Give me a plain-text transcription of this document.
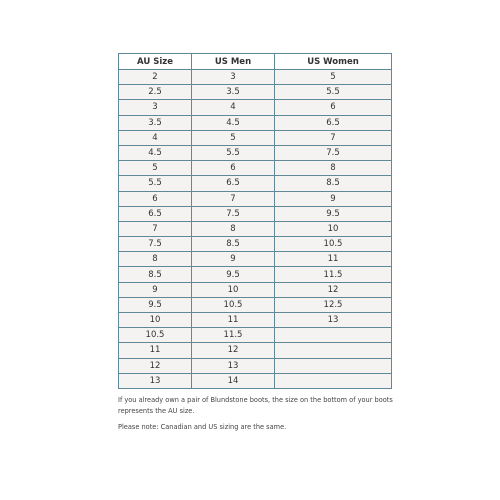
AU Size	US Men	US Women
2	3	5
2.5	3.5	5.5
3	4	6
3.5	4.5	6.5
4	5	7
4.5	5.5	7.5
5	6	8
5.5	6.5	8.5
6	7	9
6.5	7.5	9.5
7	8	10
7.5	8.5	10.5
8	9	11
8.5	9.5	11.5
9	10	12
9.5	10.5	12.5
10	11	13
10.5	11.5	
11	12	
12	13	
13	14	

If you already own a pair of Blundstone boots, the size on the bottom of your boots represents the AU size.

Please note: Canadian and US sizing are the same.
